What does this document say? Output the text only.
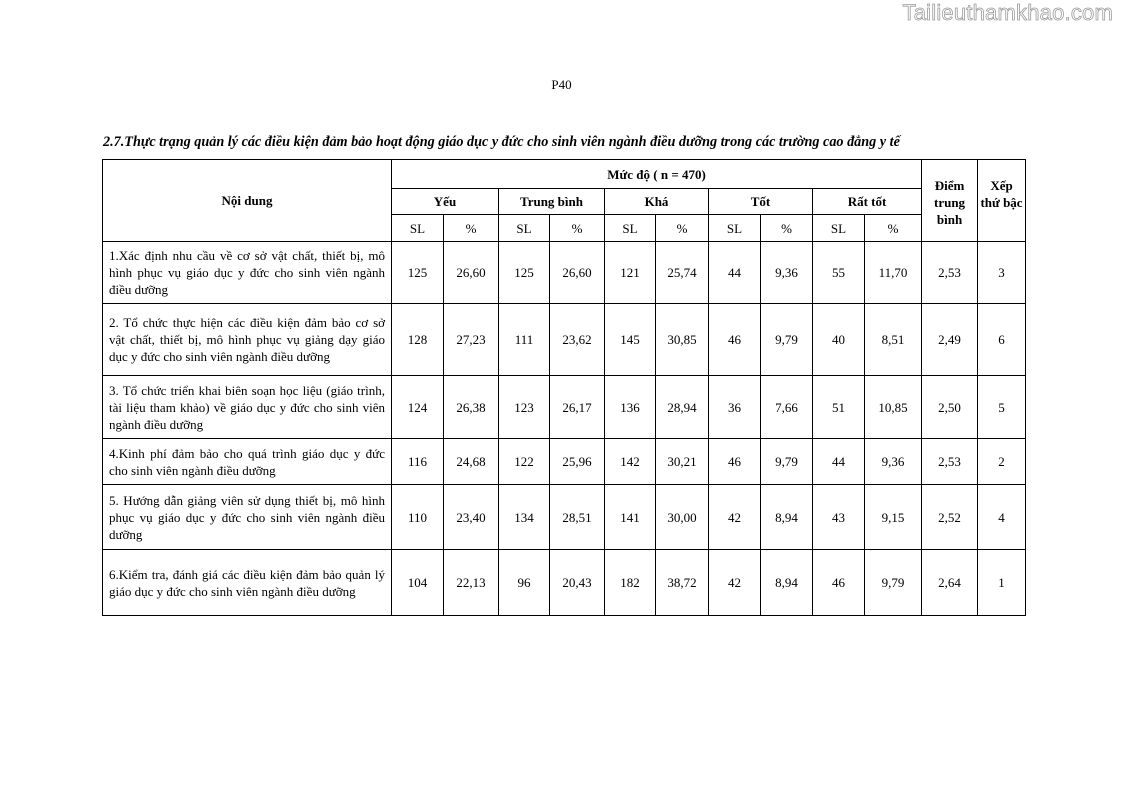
Tailieuthamkhao.com
P40
2.7.Thực trạng quản lý các điều kiện đảm bảo hoạt động giáo dục y đức cho sinh viên ngành điều dưỡng trong các trường cao đẳng y tế
Nội dung	Mức độ ( n = 470)										Điểm trung bình	Xếp thứ bậc
	Yếu		Trung bình		Khá		Tốt		Rất tốt			
	SL	%	SL	%	SL	%	SL	%	SL	%		
1.Xác định nhu cầu về cơ sở vật chất, thiết bị, mô hình phục vụ giáo dục y đức cho sinh viên ngành điều dưỡng	125	26,60	125	26,60	121	25,74	44	9,36	55	11,70	2,53	3
2. Tổ chức thực hiện các điều kiện đảm bảo cơ sở vật chất, thiết bị, mô hình phục vụ giảng dạy giáo dục y đức cho sinh viên ngành điều dưỡng	128	27,23	111	23,62	145	30,85	46	9,79	40	8,51	2,49	6
3. Tổ chức triển khai biên soạn học liệu (giáo trình, tài liệu tham khảo) về giáo dục y đức cho sinh viên ngành điều dưỡng	124	26,38	123	26,17	136	28,94	36	7,66	51	10,85	2,50	5
4.Kinh phí đảm bảo cho quá trình giáo dục y đức cho sinh viên ngành điều dưỡng	116	24,68	122	25,96	142	30,21	46	9,79	44	9,36	2,53	2
5. Hướng dẫn giảng viên sử dụng thiết bị, mô hình phục vụ giáo dục y đức cho sinh viên ngành điều dưỡng	110	23,40	134	28,51	141	30,00	42	8,94	43	9,15	2,52	4
6.Kiểm tra, đánh giá các điều kiện đảm bảo quản lý giáo dục y đức cho sinh viên ngành điều dưỡng	104	22,13	96	20,43	182	38,72	42	8,94	46	9,79	2,64	1
